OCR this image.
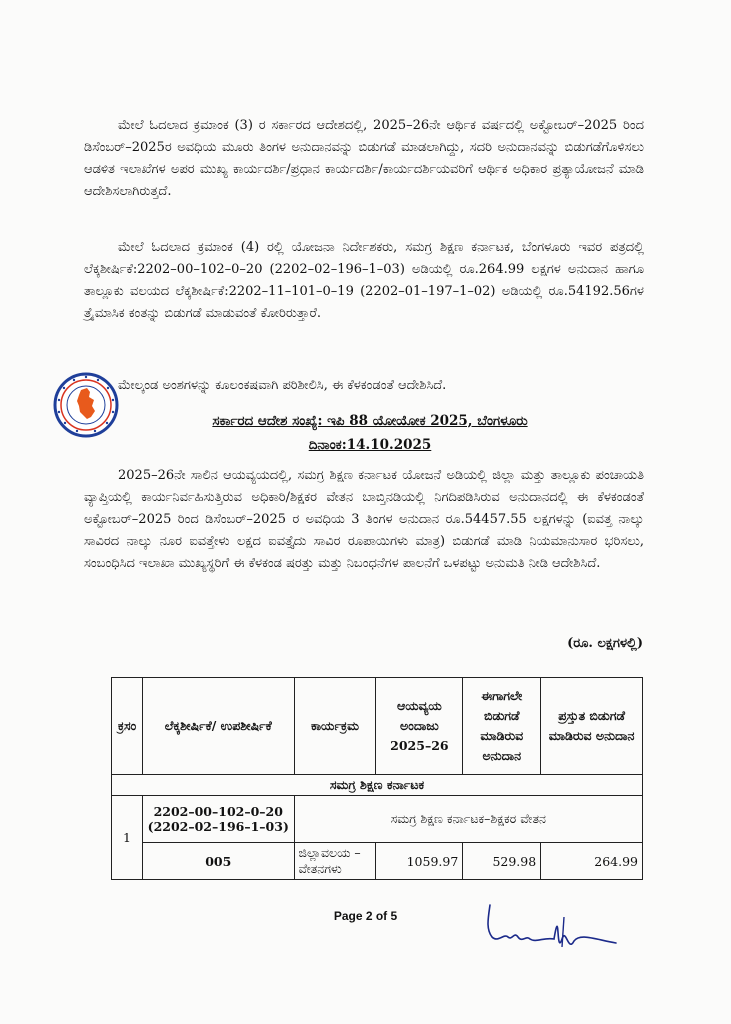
ಮೇಲೆ ಓದಲಾದ ಕ್ರಮಾಂಕ (3) ರ ಸರ್ಕಾರದ ಆದೇಶದಲ್ಲಿ, 2025–26ನೇ ಆರ್ಥಿಕ ವರ್ಷದಲ್ಲಿ ಅಕ್ಟೋಬರ್–2025 ರಿಂದ ಡಿಸೆಂಬರ್–2025ರ ಅವಧಿಯ ಮೂರು ತಿಂಗಳ ಅನುದಾನವನ್ನು ಬಿಡುಗಡೆ ಮಾಡಲಾಗಿದ್ದು, ಸದರಿ ಅನುದಾನವನ್ನು ಬಿಡುಗಡೆಗೊಳಿಸಲು ಆಡಳಿತ ಇಲಾಖೆಗಳ ಅಪರ ಮುಖ್ಯ ಕಾರ್ಯದರ್ಶಿ/ಪ್ರಧಾನ ಕಾರ್ಯದರ್ಶಿ/ಕಾರ್ಯದರ್ಶಿಯವರಿಗೆ ಆರ್ಥಿಕ ಅಧಿಕಾರ ಪ್ರತ್ಯಾಯೋಜನೆ ಮಾಡಿ ಆದೇಶಿಸಲಾಗಿರುತ್ತದೆ.

ಮೇಲೆ ಓದಲಾದ ಕ್ರಮಾಂಕ (4) ರಲ್ಲಿ ಯೋಜನಾ ನಿರ್ದೇಶಕರು, ಸಮಗ್ರ ಶಿಕ್ಷಣ ಕರ್ನಾಟಕ, ಬೆಂಗಳೂರು ಇವರ ಪತ್ರದಲ್ಲಿ ಲೆಕ್ಕಶೀರ್ಷಿಕೆ:2202–00–102–0–20 (2202–02–196–1–03) ಅಡಿಯಲ್ಲಿ ರೂ.264.99 ಲಕ್ಷಗಳ ಅನುದಾನ ಹಾಗೂ ತಾಲ್ಲೂಕು ವಲಯದ ಲೆಕ್ಕಶೀರ್ಷಿಕೆ:2202–11–101–0–19 (2202–01–197–1–02) ಅಡಿಯಲ್ಲಿ ರೂ.54192.56ಗಳ ತ್ರೈಮಾಸಿಕ ಕಂತನ್ನು ಬಿಡುಗಡೆ ಮಾಡುವಂತೆ ಕೋರಿರುತ್ತಾರೆ.

ಮೇಲ್ಕಂಡ ಅಂಶಗಳನ್ನು ಕೂಲಂಕಷವಾಗಿ ಪರಿಶೀಲಿಸಿ, ಈ ಕೆಳಕಂಡಂತೆ ಆದೇಶಿಸಿದೆ.

ಸರ್ಕಾರದ ಆದೇಶ ಸಂಖ್ಯೆ: ಇಪಿ 88 ಯೋಯೋಕ 2025, ಬೆಂಗಳೂರು

ದಿನಾಂಕ:14.10.2025

2025–26ನೇ ಸಾಲಿನ ಆಯವ್ಯಯದಲ್ಲಿ, ಸಮಗ್ರ ಶಿಕ್ಷಣ ಕರ್ನಾಟಕ ಯೋಜನೆ ಅಡಿಯಲ್ಲಿ ಜಿಲ್ಲಾ ಮತ್ತು ತಾಲ್ಲೂಕು ಪಂಚಾಯತಿ ವ್ಯಾಪ್ತಿಯಲ್ಲಿ ಕಾರ್ಯನಿರ್ವಹಿಸುತ್ತಿರುವ ಅಧಿಕಾರಿ/ಶಿಕ್ಷಕರ ವೇತನ ಬಾಬ್ತಿನಡಿಯಲ್ಲಿ ನಿಗದಿಪಡಿಸಿರುವ ಅನುದಾನದಲ್ಲಿ ಈ ಕೆಳಕಂಡಂತೆ ಅಕ್ಟೋಬರ್–2025 ರಿಂದ ಡಿಸೆಂಬರ್–2025 ರ ಅವಧಿಯ 3 ತಿಂಗಳ ಅನುದಾನ ರೂ.54457.55 ಲಕ್ಷಗಳನ್ನು (ಐವತ್ತ ನಾಲ್ಕು ಸಾವಿರದ ನಾಲ್ಕು ನೂರ ಐವತ್ತೇಳು ಲಕ್ಷದ ಐವತ್ತೈದು ಸಾವಿರ ರೂಪಾಯಿಗಳು ಮಾತ್ರ) ಬಿಡುಗಡೆ ಮಾಡಿ ನಿಯಮಾನುಸಾರ ಭರಿಸಲು, ಸಂಬಂಧಿಸಿದ ಇಲಾಖಾ ಮುಖ್ಯಸ್ಥರಿಗೆ ಈ ಕೆಳಕಂಡ ಷರತ್ತು ಮತ್ತು ನಿಬಂಧನೆಗಳ ಪಾಲನೆಗೆ ಒಳಪಟ್ಟು ಅನುಮತಿ ನೀಡಿ ಆದೇಶಿಸಿದೆ.

(ರೂ. ಲಕ್ಷಗಳಲ್ಲಿ)
ಕ್ರಸಂ	ಲೆಕ್ಕಶೀರ್ಷಿಕೆ/ ಉಪಶೀರ್ಷಿಕೆ	ಕಾರ್ಯಕ್ರಮ	ಆಯವ್ಯಯ ಅಂದಾಜು 2025–26	ಈಗಾಗಲೇ ಬಿಡುಗಡೆ ಮಾಡಿರುವ ಅನುದಾನ	ಪ್ರಸ್ತುತ ಬಿಡುಗಡೆ ಮಾಡಿರುವ ಅನುದಾನ
ಸಮಗ್ರ ಶಿಕ್ಷಣ ಕರ್ನಾಟಕ					
1	2202–00–102–0–20 (2202–02–196–1–03)	ಸಮಗ್ರ ಶಿಕ್ಷಣ ಕರ್ನಾಟಕ–ಶಿಕ್ಷಕರ ವೇತನ			
	005	ಜಿಲ್ಲಾವಲಯ – ವೇತನಗಳು	1059.97	529.98	264.99
Page 2 of 5
